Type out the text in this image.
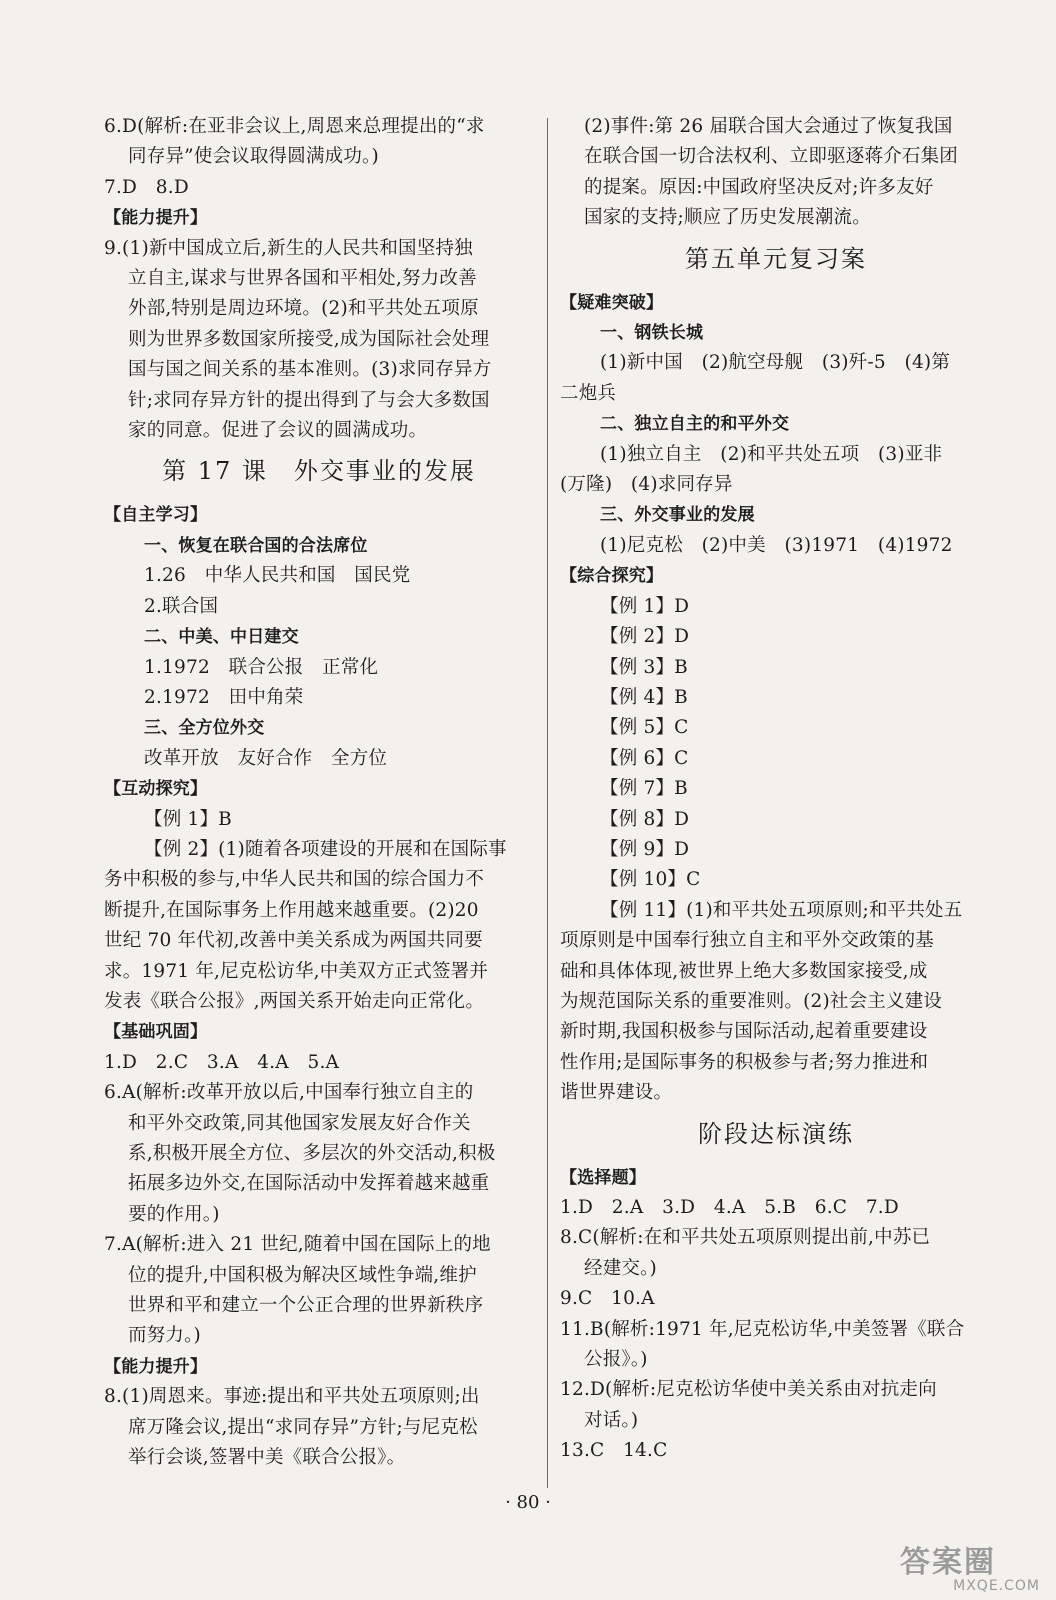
6.D(解析:在亚非会议上,周恩来总理提出的“求
同存异”使会议取得圆满成功。)
7.D　8.D
【能力提升】
9.(1)新中国成立后,新生的人民共和国坚持独
立自主,谋求与世界各国和平相处,努力改善
外部,特别是周边环境。(2)和平共处五项原
则为世界多数国家所接受,成为国际社会处理
国与国之间关系的基本准则。(3)求同存异方
针;求同存异方针的提出得到了与会大多数国
家的同意。促进了会议的圆满成功。
第 17 课　外交事业的发展
【自主学习】
一、恢复在联合国的合法席位
1.26　中华人民共和国　国民党
2.联合国
二、中美、中日建交
1.1972　联合公报　正常化
2.1972　田中角荣
三、全方位外交
改革开放　友好合作　全方位
【互动探究】
【例 1】B
【例 2】(1)随着各项建设的开展和在国际事
务中积极的参与,中华人民共和国的综合国力不
断提升,在国际事务上作用越来越重要。(2)20
世纪 70 年代初,改善中美关系成为两国共同要
求。1971 年,尼克松访华,中美双方正式签署并
发表《联合公报》,两国关系开始走向正常化。
【基础巩固】
1.D　2.C　3.A　4.A　5.A
6.A(解析:改革开放以后,中国奉行独立自主的
和平外交政策,同其他国家发展友好合作关
系,积极开展全方位、多层次的外交活动,积极
拓展多边外交,在国际活动中发挥着越来越重
要的作用。)
7.A(解析:进入 21 世纪,随着中国在国际上的地
位的提升,中国积极为解决区域性争端,维护
世界和平和建立一个公正合理的世界新秩序
而努力。)
【能力提升】
8.(1)周恩来。事迹:提出和平共处五项原则;出
席万隆会议,提出“求同存异”方针;与尼克松
举行会谈,签署中美《联合公报》。
(2)事件:第 26 届联合国大会通过了恢复我国
在联合国一切合法权利、立即驱逐蒋介石集团
的提案。原因:中国政府坚决反对;许多友好
国家的支持;顺应了历史发展潮流。
第五单元复习案
【疑难突破】
一、钢铁长城
(1)新中国　(2)航空母舰　(3)歼-5　(4)第
二炮兵
二、独立自主的和平外交
(1)独立自主　(2)和平共处五项　(3)亚非
(万隆)　(4)求同存异
三、外交事业的发展
(1)尼克松　(2)中美　(3)1971　(4)1972
【综合探究】
【例 1】D
【例 2】D
【例 3】B
【例 4】B
【例 5】C
【例 6】C
【例 7】B
【例 8】D
【例 9】D
【例 10】C
【例 11】(1)和平共处五项原则;和平共处五
项原则是中国奉行独立自主和平外交政策的基
础和具体体现,被世界上绝大多数国家接受,成
为规范国际关系的重要准则。(2)社会主义建设
新时期,我国积极参与国际活动,起着重要建设
性作用;是国际事务的积极参与者;努力推进和
谐世界建设。
阶段达标演练
【选择题】
1.D　2.A　3.D　4.A　5.B　6.C　7.D
8.C(解析:在和平共处五项原则提出前,中苏已
经建交。)
9.C　10.A
11.B(解析:1971 年,尼克松访华,中美签署《联合
公报》。)
12.D(解析:尼克松访华使中美关系由对抗走向
对话。)
13.C　14.C
· 80 ·
答案圈
MXQE.COM
